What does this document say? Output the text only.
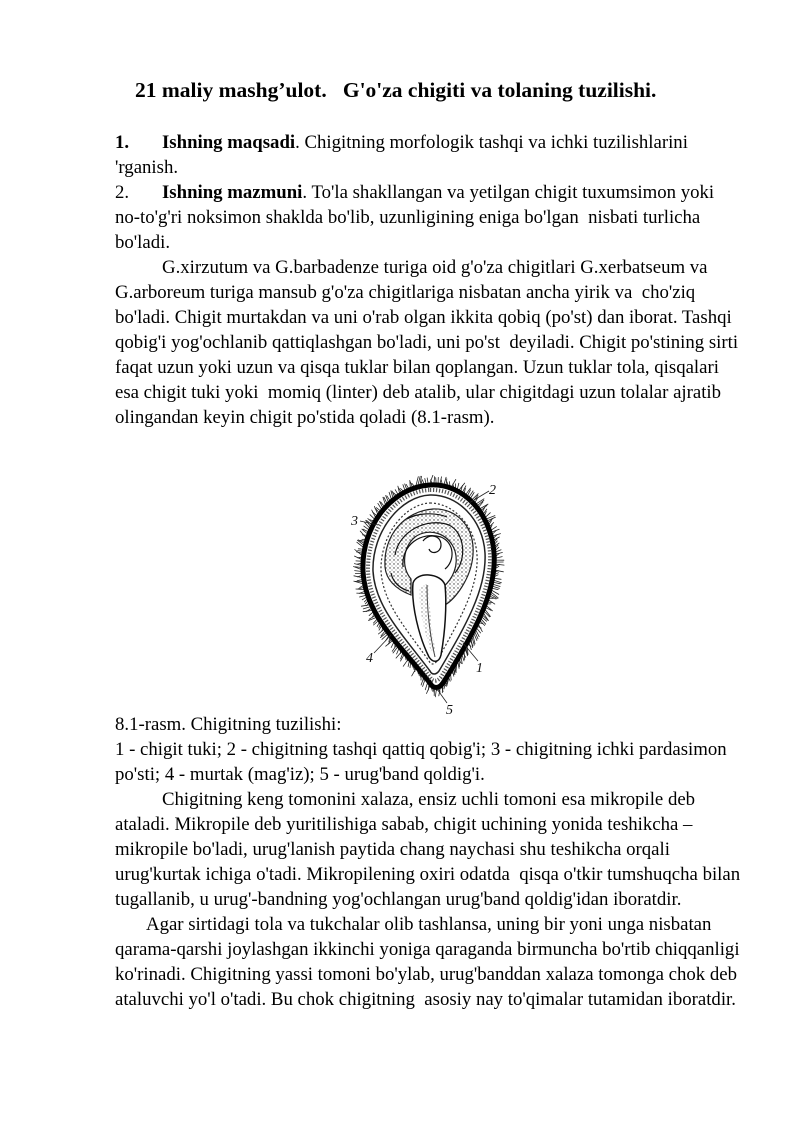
21 maliy mashg’ulot.   G'o'za chigiti va tolaning tuzilishi.
1. Ishning maqsadi. Chigitning morfologik tashqi va ichki tuzilishlarini
'rganish.
2. Ishning mazmuni. To'la shakllangan va yetilgan chigit tuxumsimon yoki
no-to'g'ri noksimon shaklda bo'lib, uzunligining eniga bo'lgan  nisbati turlicha
bo'ladi.
G.xirzutum va G.barbadenze turiga oid g'o'za chigitlari G.xerbatseum va
G.arboreum turiga mansub g'o'za chigitlariga nisbatan ancha yirik va  cho'ziq
bo'ladi. Chigit murtakdan va uni o'rab olgan ikkita qobiq (po'st) dan iborat. Tashqi
qobig'i yog'ochlanib qattiqlashgan bo'ladi, uni po'st  deyiladi. Chigit po'stining sirti
faqat uzun yoki uzun va qisqa tuklar bilan qoplangan. Uzun tuklar tola, qisqalari
esa chigit tuki yoki  momiq (linter) deb atalib, ular chigitdagi uzun tolalar ajratib
olingandan keyin chigit po'stida qoladi (8.1-rasm).
1
2
3
4
5
8.1-rasm. Chigitning tuzilishi:
1 - chigit tuki; 2 - chigitning tashqi qattiq qobig'i; 3 - chigitning ichki pardasimon
po'sti; 4 - murtak (mag'iz); 5 - urug'band qoldig'i.
Chigitning keng tomonini xalaza, ensiz uchli tomoni esa mikropile deb
ataladi. Mikropile deb yuritilishiga sabab, chigit uchining yonida teshikcha –
mikropile bo'ladi, urug'lanish paytida chang naychasi shu teshikcha orqali
urug'kurtak ichiga o'tadi. Mikropilening oxiri odatda  qisqa o'tkir tumshuqcha bilan
tugallanib, u urug'-bandning yog'ochlangan urug'band qoldig'idan iboratdir.
Agar sirtidagi tola va tukchalar olib tashlansa, uning bir yoni unga nisbatan
qarama-qarshi joylashgan ikkinchi yoniga qaraganda birmuncha bo'rtib chiqqanligi
ko'rinadi. Chigitning yassi tomoni bo'ylab, urug'banddan xalaza tomonga chok deb
ataluvchi yo'l o'tadi. Bu chok chigitning  asosiy nay to'qimalar tutamidan iboratdir.
